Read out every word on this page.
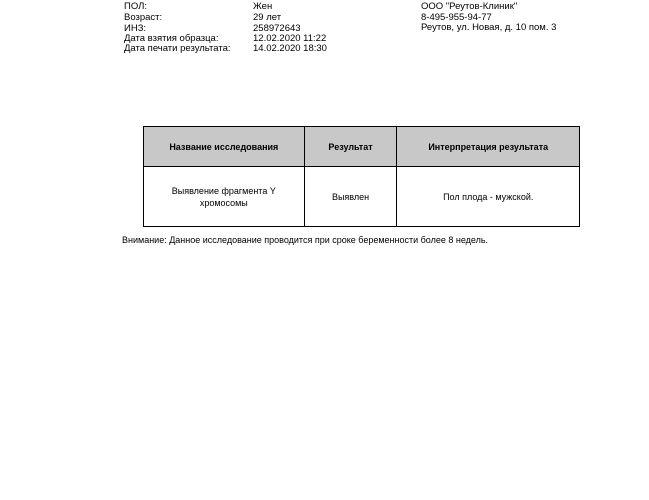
ПОЛ:	Жен
Возраст:	29 лет
ИНЗ:	258972643
Дата взятия образца:	12.02.2020 11:22
Дата печати результата: 14.02.2020 18:30
ООО "Реутов-Клиник"
8-495-955-94-77
Реутов, ул. Новая, д. 10 пом. 3
Название исследования	Результат	Интерпретация результата
Выявление фрагмента Y
хромосомы	Выявлен	Пол плода - мужской.
Внимание: Данное исследование проводится при сроке беременности более 8 недель.
